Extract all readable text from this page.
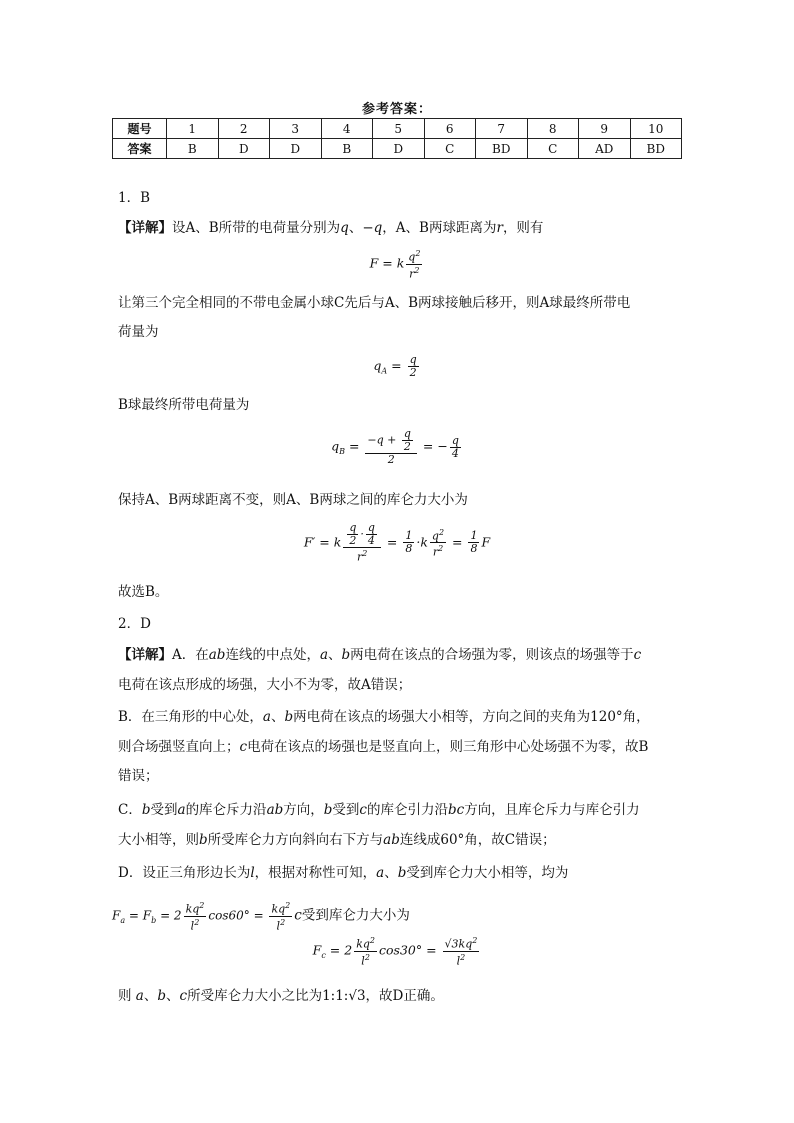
参考答案：
题号	1	2	3	4	5	6	7	8	9	10
答案	B	D	D	B	D	C	BD	C	AD	BD
1．B
【详解】设A、B所带的电荷量分别为q、−q，A、B两球距离为r，则有
F = k $\frac{q^2}{r^2}$
让第三个完全相同的不带电金属小球C先后与A、B两球接触后移开，则A球最终所带电
荷量为
$q_A = \frac{q}{2}$
B球最终所带电荷量为
$q_B = \frac{-q + \frac{q}{2}}{2}$ = − $\frac{q}{4}$
保持A、B两球距离不变，则A、B两球之间的库仑力大小为
F′ = k $\frac{\frac{q}{2} \cdot \frac{q}{4}}{r^2} = \frac{1}{8} \cdot k \frac{q^2}{r^2} = \frac{1}{8}$ F
故选B。
2．D
【详解】A．在ab连线的中点处，a、b两电荷在该点的合场强为零，则该点的场强等于c
电荷在该点形成的场强，大小不为零，故A错误；
B．在三角形的中心处，a、b两电荷在该点的场强大小相等，方向之间的夹角为120°角，
则合场强竖直向上；c电荷在该点的场强也是竖直向上，则三角形中心处场强不为零，故B
错误；
C．b受到a的库仑斥力沿ab方向，b受到c的库仑引力沿bc方向，且库仑斥力与库仑引力
大小相等，则b所受库仑力方向斜向右下方与ab连线成60°角，故C错误；
D．设正三角形边长为l，根据对称性可知，a、b受到库仑力大小相等，均为
$F_a = F_b = 2 \frac{kq^2}{l^2} \cos 60^\circ = \frac{kq^2}{l^2}$ c受到库仑力大小为
$F_c = 2 \frac{kq^2}{l^2} \cos 30^\circ = \frac{√3kq^2}{l^2}$
则 a、b、c所受库仑力大小之比为1:1:√3，故D正确。
